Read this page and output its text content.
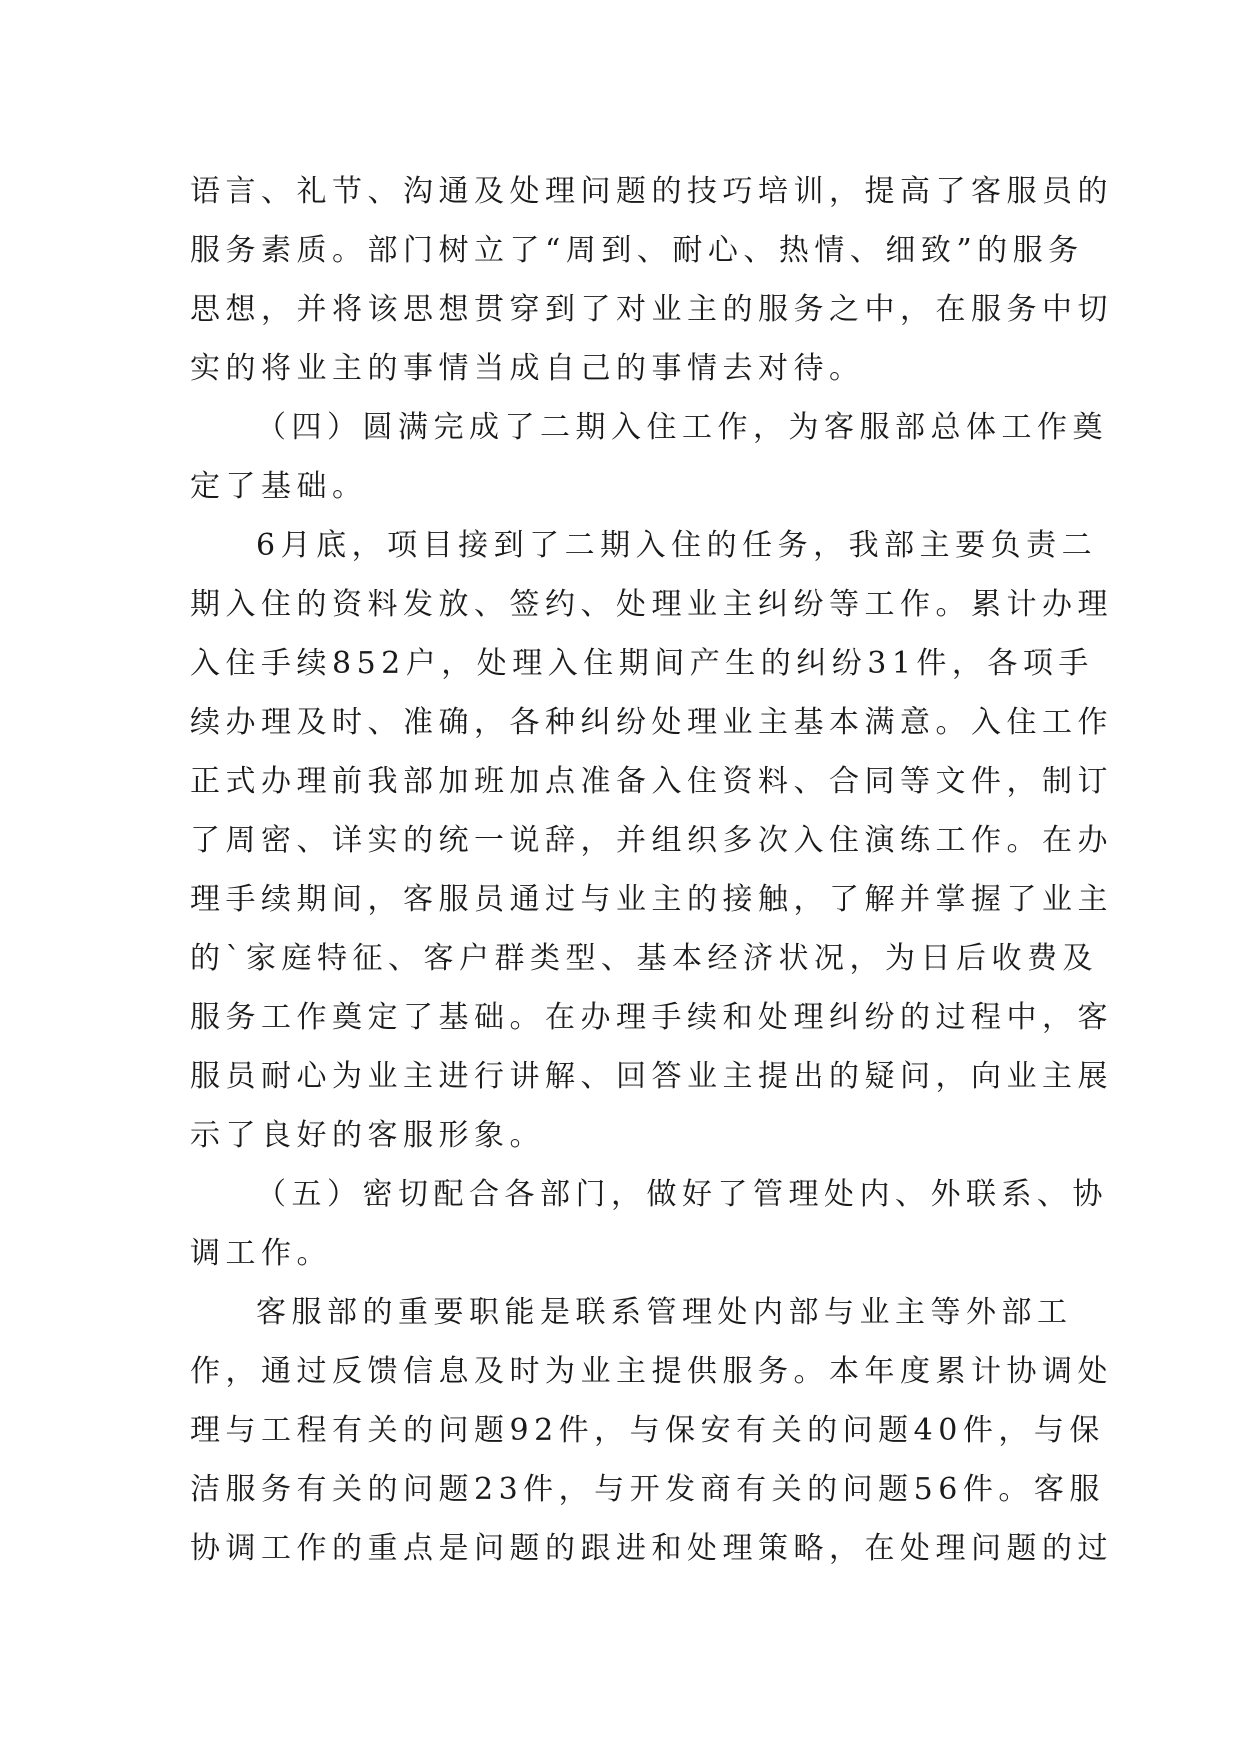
语言、礼节、沟通及处理问题的技巧培训，提高了客服员的
服务素质。部门树立了“周到、耐心、热情、细致”的服务
思想，并将该思想贯穿到了对业主的服务之中，在服务中切
实的将业主的事情当成自己的事情去对待。
（四）圆满完成了二期入住工作，为客服部总体工作奠
定了基础。
6月底，项目接到了二期入住的任务，我部主要负责二
期入住的资料发放、签约、处理业主纠纷等工作。累计办理
入住手续852户，处理入住期间产生的纠纷31件，各项手
续办理及时、准确，各种纠纷处理业主基本满意。入住工作
正式办理前我部加班加点准备入住资料、合同等文件，制订
了周密、详实的统一说辞，并组织多次入住演练工作。在办
理手续期间，客服员通过与业主的接触，了解并掌握了业主
的`家庭特征、客户群类型、基本经济状况，为日后收费及
服务工作奠定了基础。在办理手续和处理纠纷的过程中，客
服员耐心为业主进行讲解、回答业主提出的疑问，向业主展
示了良好的客服形象。
（五）密切配合各部门，做好了管理处内、外联系、协
调工作。
客服部的重要职能是联系管理处内部与业主等外部工
作，通过反馈信息及时为业主提供服务。本年度累计协调处
理与工程有关的问题92件，与保安有关的问题40件，与保
洁服务有关的问题23件，与开发商有关的问题56件。客服
协调工作的重点是问题的跟进和处理策略，在处理问题的过
